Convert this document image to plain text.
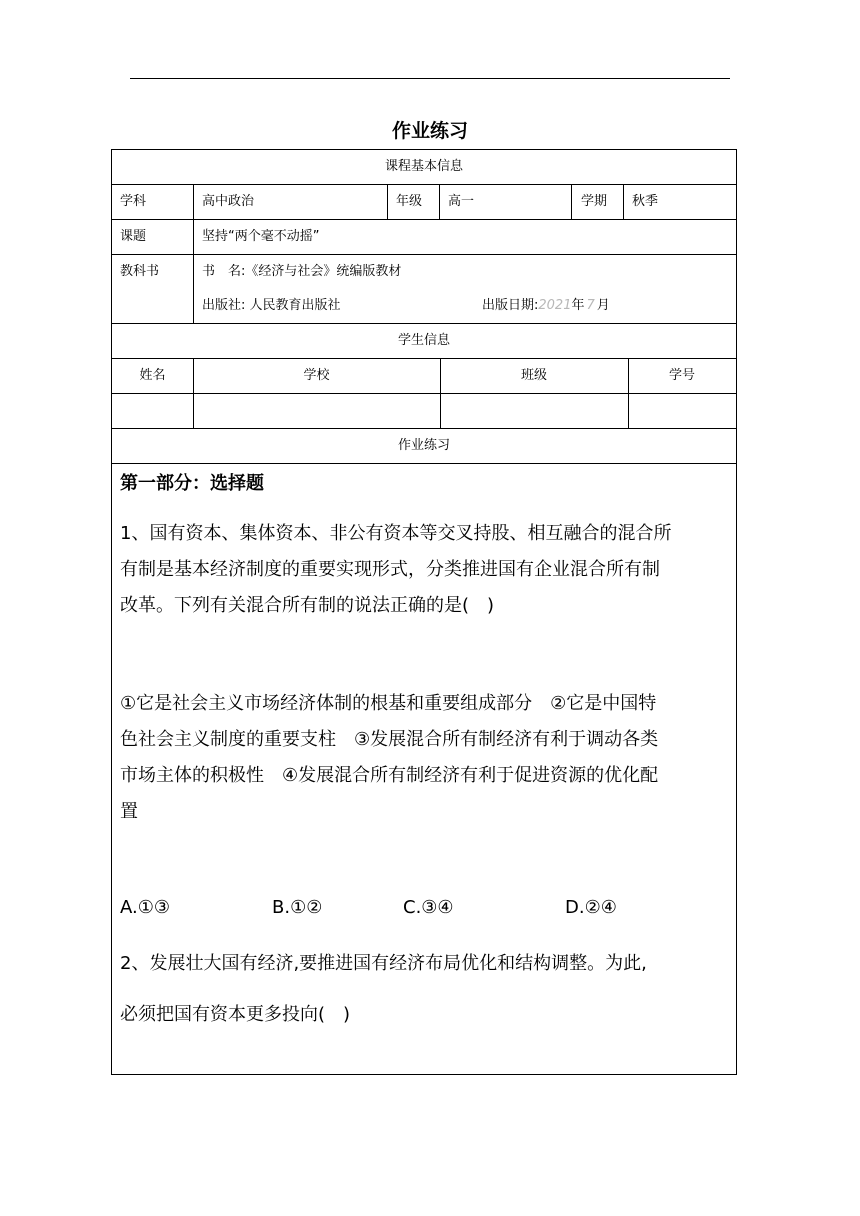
作业练习
课程基本信息
学科	高中政治	年级 高一	学期 秋季
课题	坚持“两个毫不动摇”
教科书	书　名:《经济与社会》统编版教材
出版社: 人民教育出版社	出版日期:2021年 7 月
学生信息
姓名	学校	班级	学号
作业练习
第一部分：选择题
1、国有资本、集体资本、非公有资本等交叉持股、相互融合的混合所
有制是基本经济制度的重要实现形式，分类推进国有企业混合所有制
改革。下列有关混合所有制的说法正确的是(　)
①它是社会主义市场经济体制的根基和重要组成部分　②它是中国特
色社会主义制度的重要支柱　③发展混合所有制经济有利于调动各类
市场主体的积极性　④发展混合所有制经济有利于促进资源的优化配
置
A.①③	B.①②	C.③④	D.②④
2、发展壮大国有经济,要推进国有经济布局优化和结构调整。为此,
必须把国有资本更多投向(　)
